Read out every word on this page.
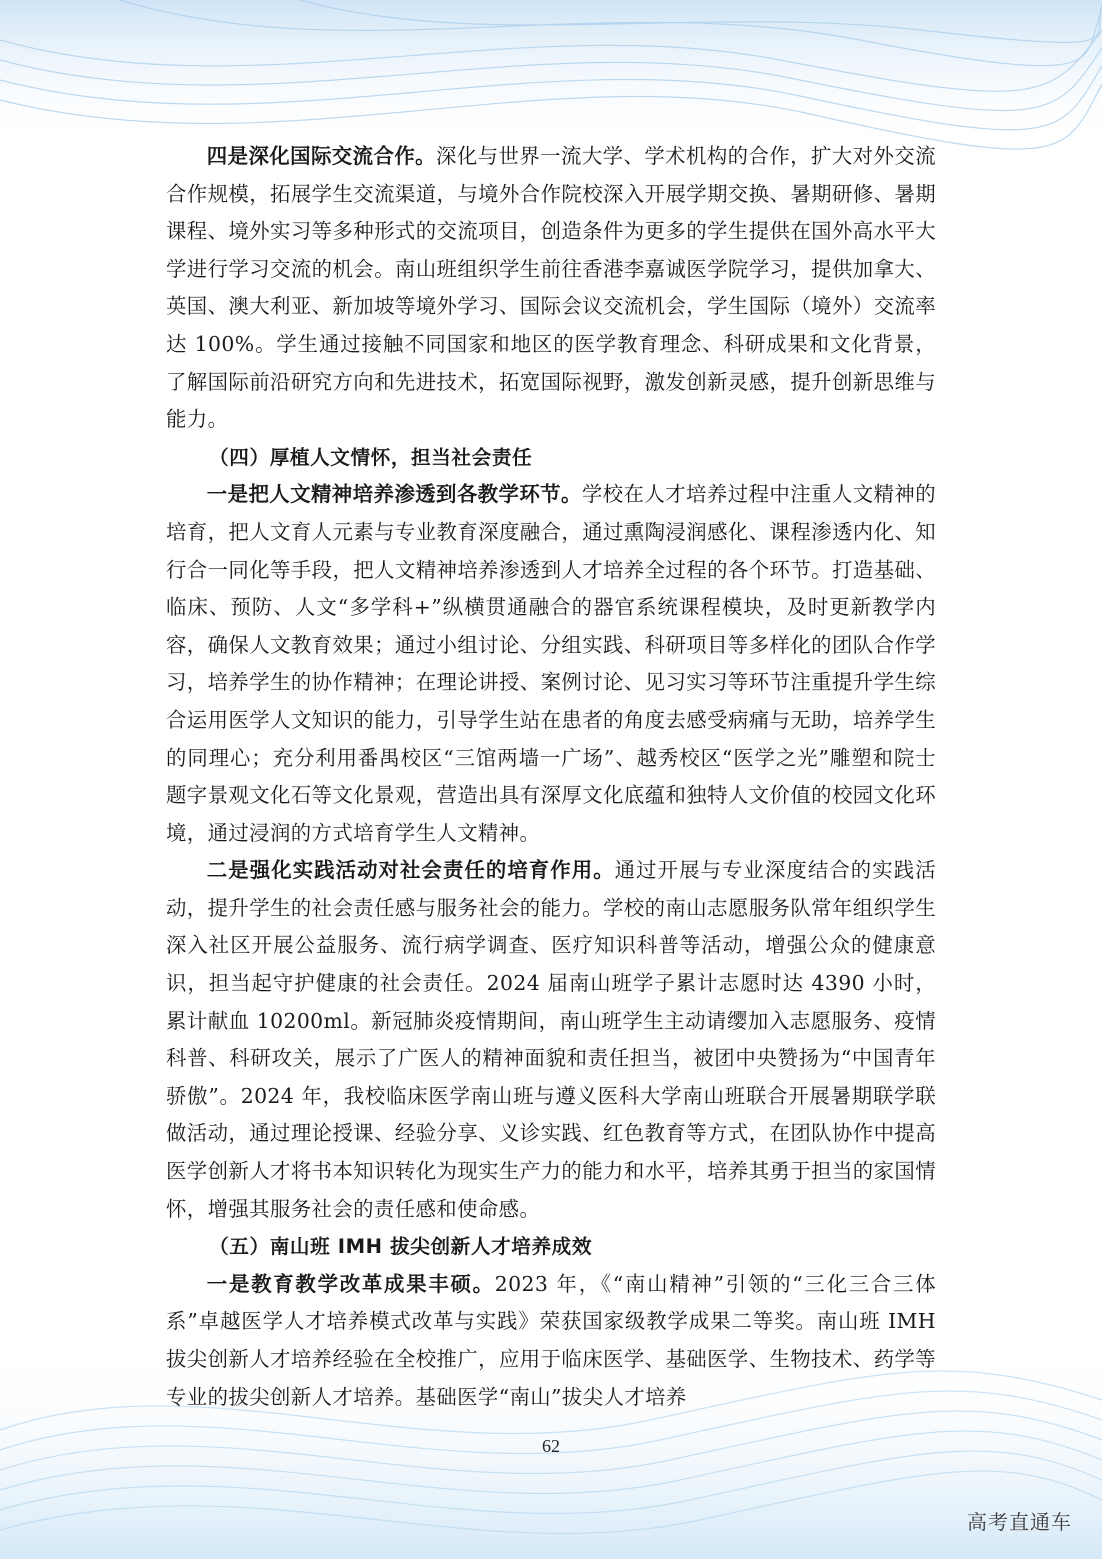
四是深化国际交流合作。深化与世界一流大学、学术机构的合作，扩大对外交流合作规模，拓展学生交流渠道，与境外合作院校深入开展学期交换、暑期研修、暑期课程、境外实习等多种形式的交流项目，创造条件为更多的学生提供在国外高水平大学进行学习交流的机会。南山班组织学生前往香港李嘉诚医学院学习，提供加拿大、英国、澳大利亚、新加坡等境外学习、国际会议交流机会，学生国际（境外）交流率达 100%。学生通过接触不同国家和地区的医学教育理念、科研成果和文化背景，了解国际前沿研究方向和先进技术，拓宽国际视野，激发创新灵感，提升创新思维与能力。

（四）厚植人文情怀，担当社会责任

一是把人文精神培养渗透到各教学环节。学校在人才培养过程中注重人文精神的培育，把人文育人元素与专业教育深度融合，通过熏陶浸润感化、课程渗透内化、知行合一同化等手段，把人文精神培养渗透到人才培养全过程的各个环节。打造基础、临床、预防、人文“多学科+”纵横贯通融合的器官系统课程模块，及时更新教学内容，确保人文教育效果；通过小组讨论、分组实践、科研项目等多样化的团队合作学习，培养学生的协作精神；在理论讲授、案例讨论、见习实习等环节注重提升学生综合运用医学人文知识的能力，引导学生站在患者的角度去感受病痛与无助，培养学生的同理心；充分利用番禺校区“三馆两墙一广场”、越秀校区“医学之光”雕塑和院士题字景观文化石等文化景观，营造出具有深厚文化底蕴和独特人文价值的校园文化环境，通过浸润的方式培育学生人文精神。

二是强化实践活动对社会责任的培育作用。通过开展与专业深度结合的实践活动，提升学生的社会责任感与服务社会的能力。学校的南山志愿服务队常年组织学生深入社区开展公益服务、流行病学调查、医疗知识科普等活动，增强公众的健康意识，担当起守护健康的社会责任。2024 届南山班学子累计志愿时达 4390 小时，累计献血 10200ml。新冠肺炎疫情期间，南山班学生主动请缨加入志愿服务、疫情科普、科研攻关，展示了广医人的精神面貌和责任担当，被团中央赞扬为“中国青年骄傲”。2024 年，我校临床医学南山班与遵义医科大学南山班联合开展暑期联学联做活动，通过理论授课、经验分享、义诊实践、红色教育等方式，在团队协作中提高医学创新人才将书本知识转化为现实生产力的能力和水平，培养其勇于担当的家国情怀，增强其服务社会的责任感和使命感。

（五）南山班 IMH 拔尖创新人才培养成效

一是教育教学改革成果丰硕。2023 年，《“南山精神”引领的“三化三合三体系”卓越医学人才培养模式改革与实践》荣获国家级教学成果二等奖。南山班 IMH 拔尖创新人才培养经验在全校推广，应用于临床医学、基础医学、生物技术、药学等专业的拔尖创新人才培养。基础医学“南山”拔尖人才培养

62
高考直通车
